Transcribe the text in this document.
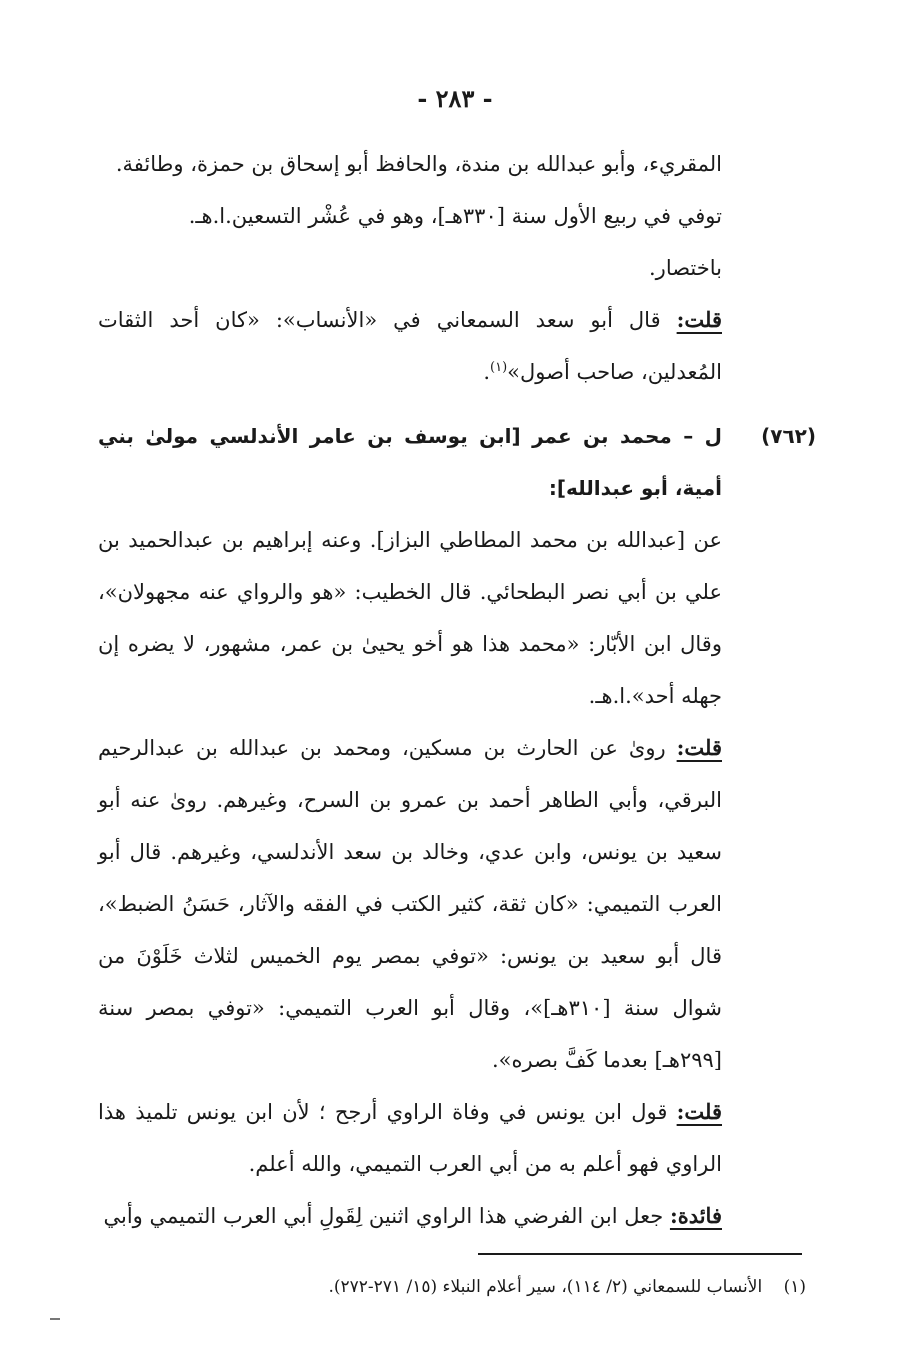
- ٢٨٣ -

المقريء، وأبو عبدالله بن مندة، والحافظ أبو إسحاق بن حمزة، وطائفة.

توفي في ربيع الأول سنة [٣٣٠هـ]، وهو في عُشْر التسعين.ا.هـ.

باختصار.

قلت: قال أبو سعد السمعاني في «الأنساب»: «كان أحد الثقات المُعدلين، صاحب أصول»$^{(١)}$.

(٧٦٢)
ل – محمد بن عمر [ابن يوسف بن عامر الأندلسي مولىٰ بني أمية، أبو عبدالله]:

عن [عبدالله بن محمد المطاطي البزاز]. وعنه إبراهيم بن عبدالحميد بن علي بن أبي نصر البطحائي. قال الخطيب: «هو والرواي عنه مجهولان»، وقال ابن الأبّار: «محمد هذا هو أخو يحيىٰ بن عمر، مشهور، لا يضره إن جهله أحد».ا.هـ.

قلت: روىٰ عن الحارث بن مسكين، ومحمد بن عبدالله بن عبدالرحيم البرقي، وأبي الطاهر أحمد بن عمرو بن السرح، وغيرهم. روىٰ عنه أبو سعيد بن يونس، وابن عدي، وخالد بن سعد الأندلسي، وغيرهم. قال أبو العرب التميمي: «كان ثقة، كثير الكتب في الفقه والآثار، حَسَنُ الضبط»، قال أبو سعيد بن يونس: «توفي بمصر يوم الخميس لثلاث خَلَوْنَ من شوال سنة [٣١٠هـ]»، وقال أبو العرب التميمي: «توفي بمصر سنة [٢٩٩هـ] بعدما كَفَّ بصره».

قلت: قول ابن يونس في وفاة الراوي أرجح ؛ لأن ابن يونس تلميذ هذا الراوي فهو أعلم به من أبي العرب التميمي، والله أعلم.

فائدة: جعل ابن الفرضي هذا الراوي اثنين لِقَولِ أبي العرب التميمي وأبي

(١) الأنساب للسمعاني (٢/ ١١٤)، سير أعلام النبلاء (١٥/ ٢٧١-٢٧٢).
